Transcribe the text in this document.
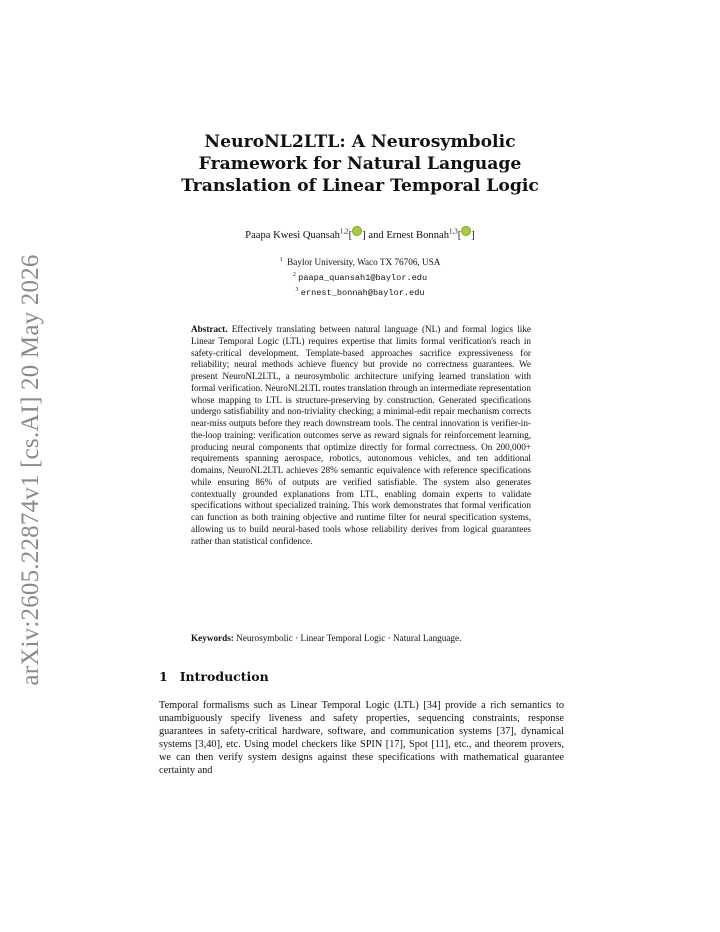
arXiv:2605.22874v1 [cs.AI] 20 May 2026
NeuroNL2LTL: A Neurosymbolic Framework for Natural Language Translation of Linear Temporal Logic
Paapa Kwesi Quansah$^{1,2}$[ ] and Ernest Bonnah$^{1,3}$[ ]
$^1$ Baylor University, Waco TX 76706, USA
$^2$ paapa_quansah1@baylor.edu
$^3$ ernest_bonnah@baylor.edu
Abstract. Effectively translating between natural language (NL) and formal logics like Linear Temporal Logic (LTL) requires expertise that limits formal verification's reach in safety-critical development. Template-based approaches sacrifice expressiveness for reliability; neural methods achieve fluency but provide no correctness guarantees. We present NeuroNL2LTL, a neurosymbolic architecture unifying learned translation with formal verification. NeuroNL2LTL routes translation through an intermediate representation whose mapping to LTL is structure-preserving by construction. Generated specifications undergo satisfiability and non-triviality checking; a minimal-edit repair mechanism corrects near-miss outputs before they reach downstream tools. The central innovation is verifier-in-the-loop training: verification outcomes serve as reward signals for reinforcement learning, producing neural components that optimize directly for formal correctness. On 200,000+ requirements spanning aerospace, robotics, autonomous vehicles, and ten additional domains, NeuroNL2LTL achieves 28% semantic equivalence with reference specifications while ensuring 86% of outputs are verified satisfiable. The system also generates contextually grounded explanations from LTL, enabling domain experts to validate specifications without specialized training. This work demonstrates that formal verification can function as both training objective and runtime filter for neural specification systems, allowing us to build neural-based tools whose reliability derives from logical guarantees rather than statistical confidence.
Keywords: Neurosymbolic · Linear Temporal Logic · Natural Language.
1 Introduction
Temporal formalisms such as Linear Temporal Logic (LTL) [34] provide a rich semantics to unambiguously specify liveness and safety properties, sequencing constraints, response guarantees in safety-critical hardware, software, and communication systems [37], dynamical systems [3,40], etc. Using model checkers like SPIN [17], Spot [11], etc., and theorem provers, we can then verify system designs against these specifications with mathematical guarantee certainty and
